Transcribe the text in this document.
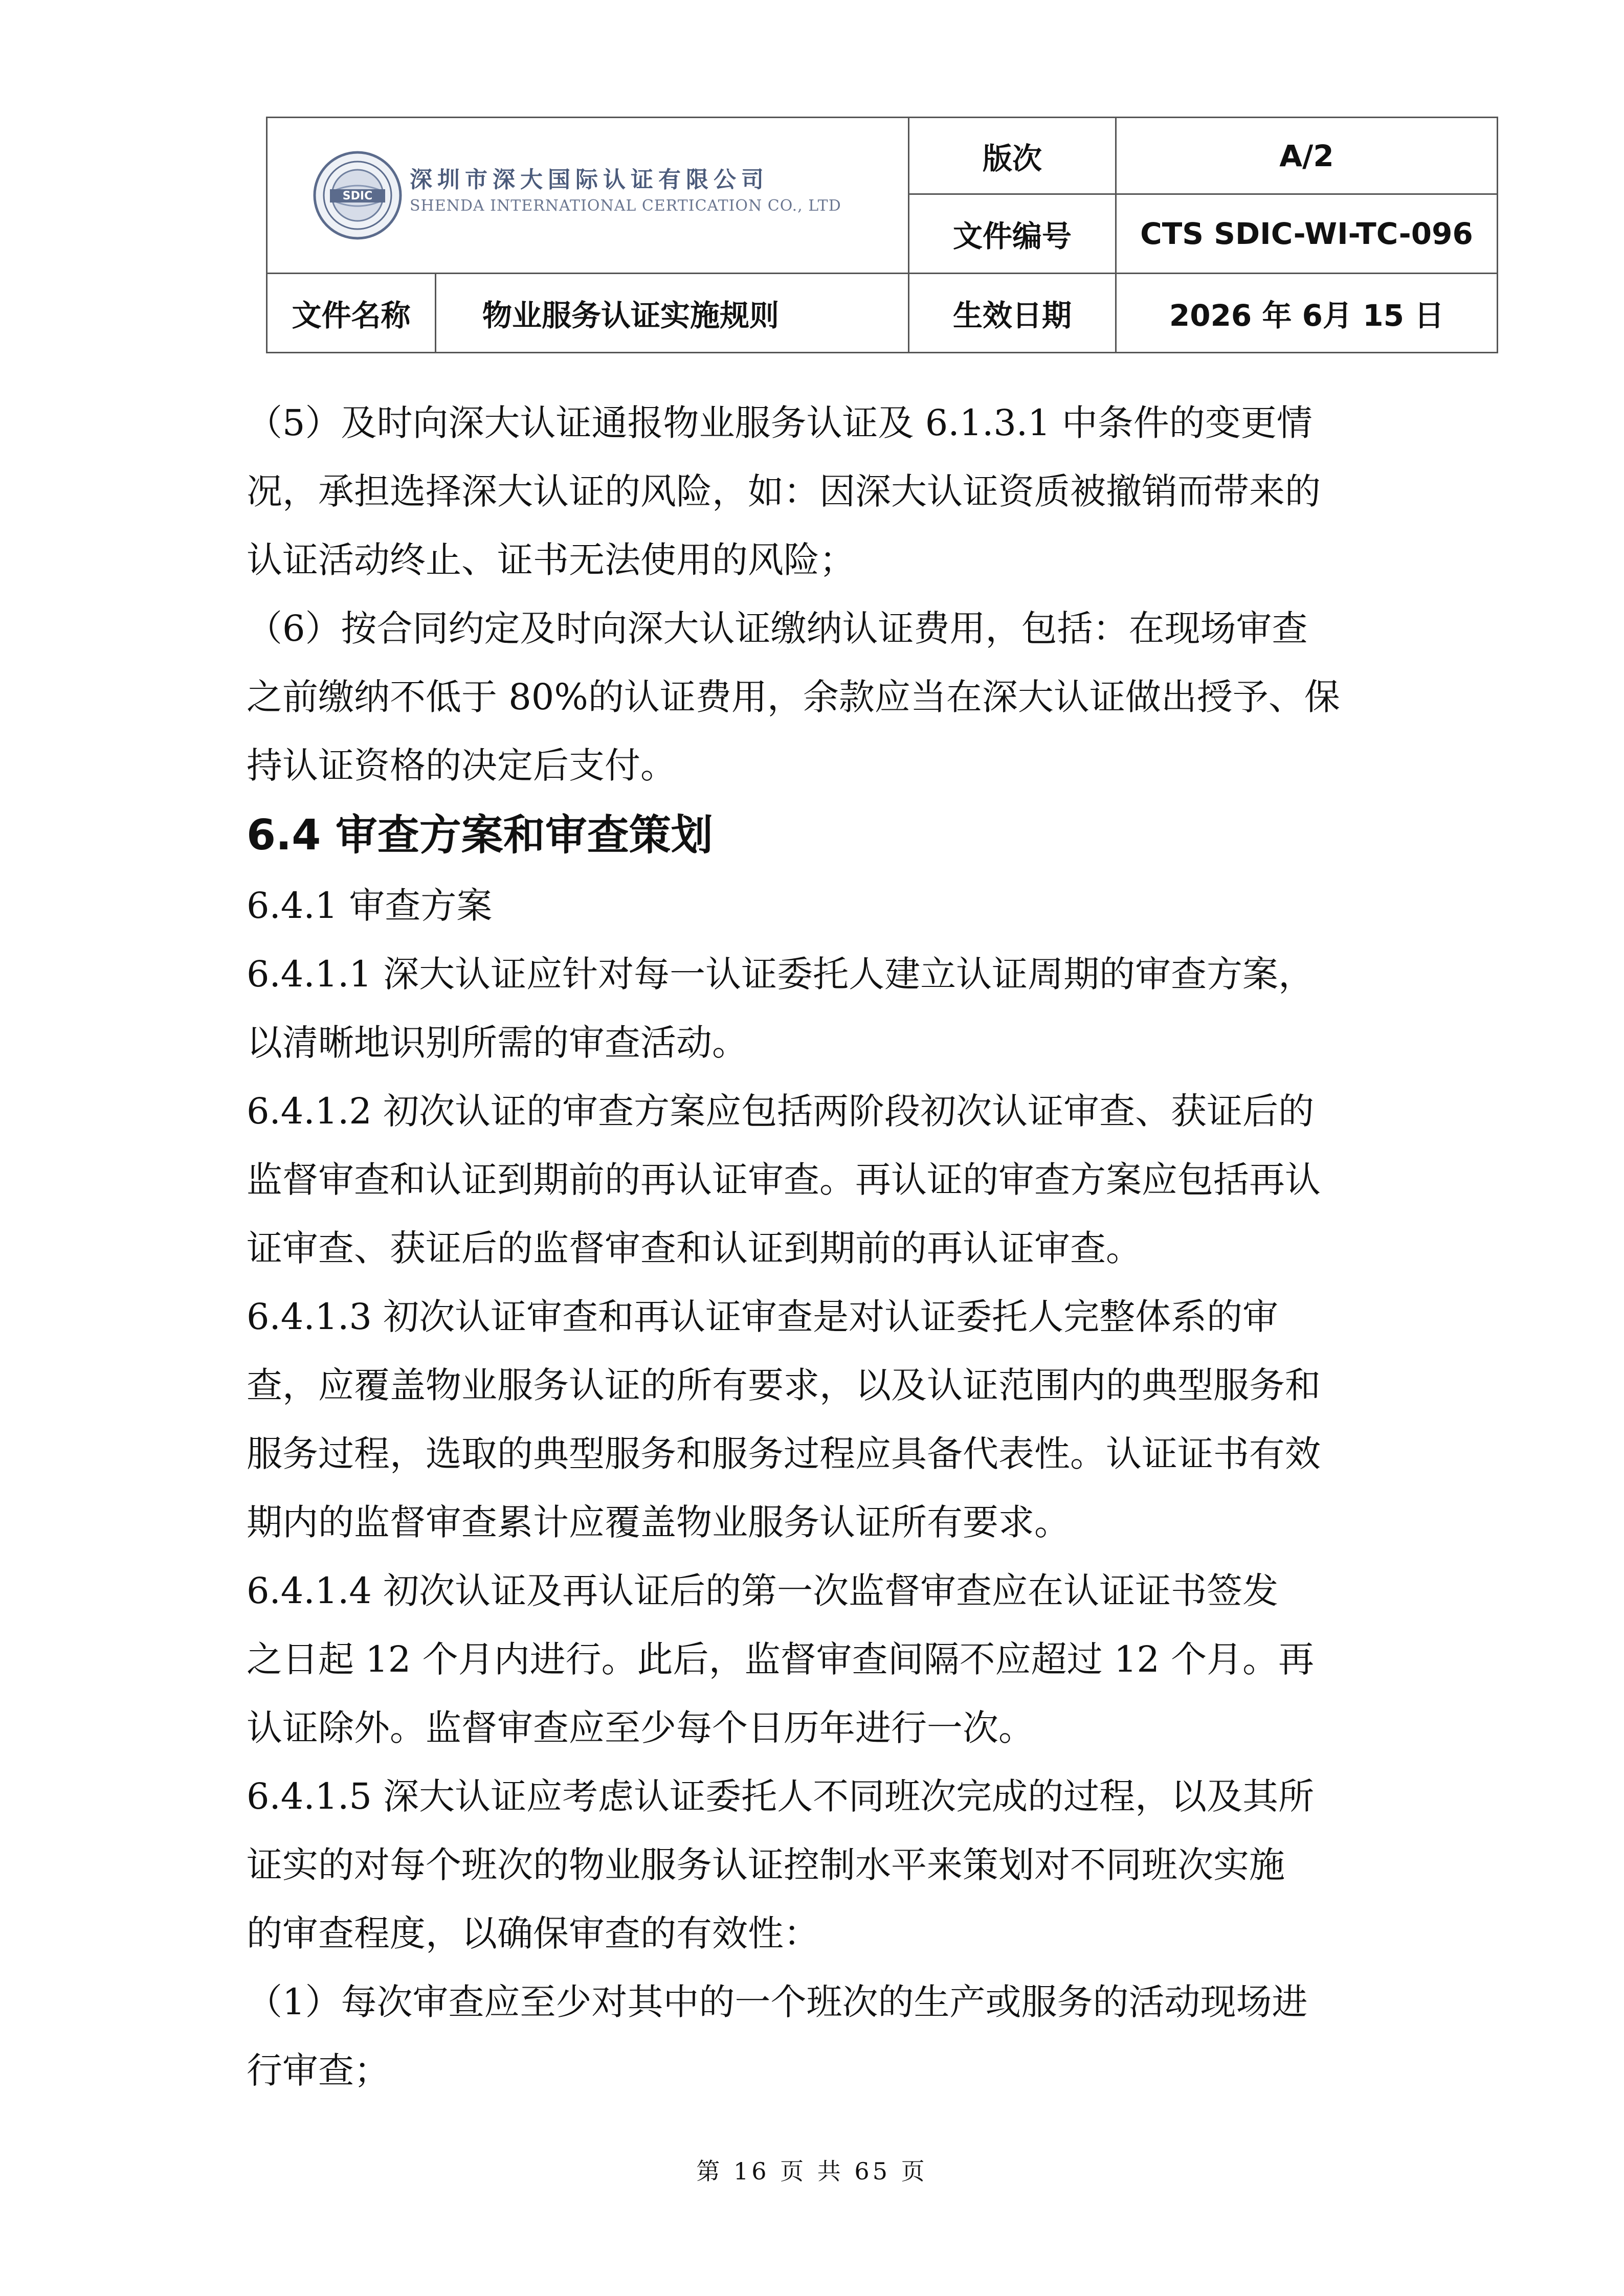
SDIC
深圳市深大国际认证有限公司
SHENDA INTERNATIONAL CERTICATION CO., LTD		版次	A/2
		文件编号	CTS SDIC-WI-TC-096
文件名称	物业服务认证实施规则	生效日期	2026 年 6月 15 日
（5）及时向深大认证通报物业服务认证及 6.1.3.1 中条件的变更情
况，承担选择深大认证的风险，如：因深大认证资质被撤销而带来的
认证活动终止、证书无法使用的风险；
（6）按合同约定及时向深大认证缴纳认证费用，包括：在现场审查
之前缴纳不低于 80%的认证费用，余款应当在深大认证做出授予、保
持认证资格的决定后支付。
6.4 审查方案和审查策划
6.4.1 审查方案
6.4.1.1 深大认证应针对每一认证委托人建立认证周期的审查方案，
以清晰地识别所需的审查活动。
6.4.1.2 初次认证的审查方案应包括两阶段初次认证审查、获证后的
监督审查和认证到期前的再认证审查。再认证的审查方案应包括再认
证审查、获证后的监督审查和认证到期前的再认证审查。
6.4.1.3 初次认证审查和再认证审查是对认证委托人完整体系的审
查，应覆盖物业服务认证的所有要求，以及认证范围内的典型服务和
服务过程，选取的典型服务和服务过程应具备代表性。认证证书有效
期内的监督审查累计应覆盖物业服务认证所有要求。
6.4.1.4 初次认证及再认证后的第一次监督审查应在认证证书签发
之日起 12 个月内进行。此后，监督审查间隔不应超过 12 个月。再
认证除外。监督审查应至少每个日历年进行一次。
6.4.1.5 深大认证应考虑认证委托人不同班次完成的过程，以及其所
证实的对每个班次的物业服务认证控制水平来策划对不同班次实施
的审查程度，以确保审查的有效性：
（1）每次审查应至少对其中的一个班次的生产或服务的活动现场进
行审查；
第 16 页 共 65 页
